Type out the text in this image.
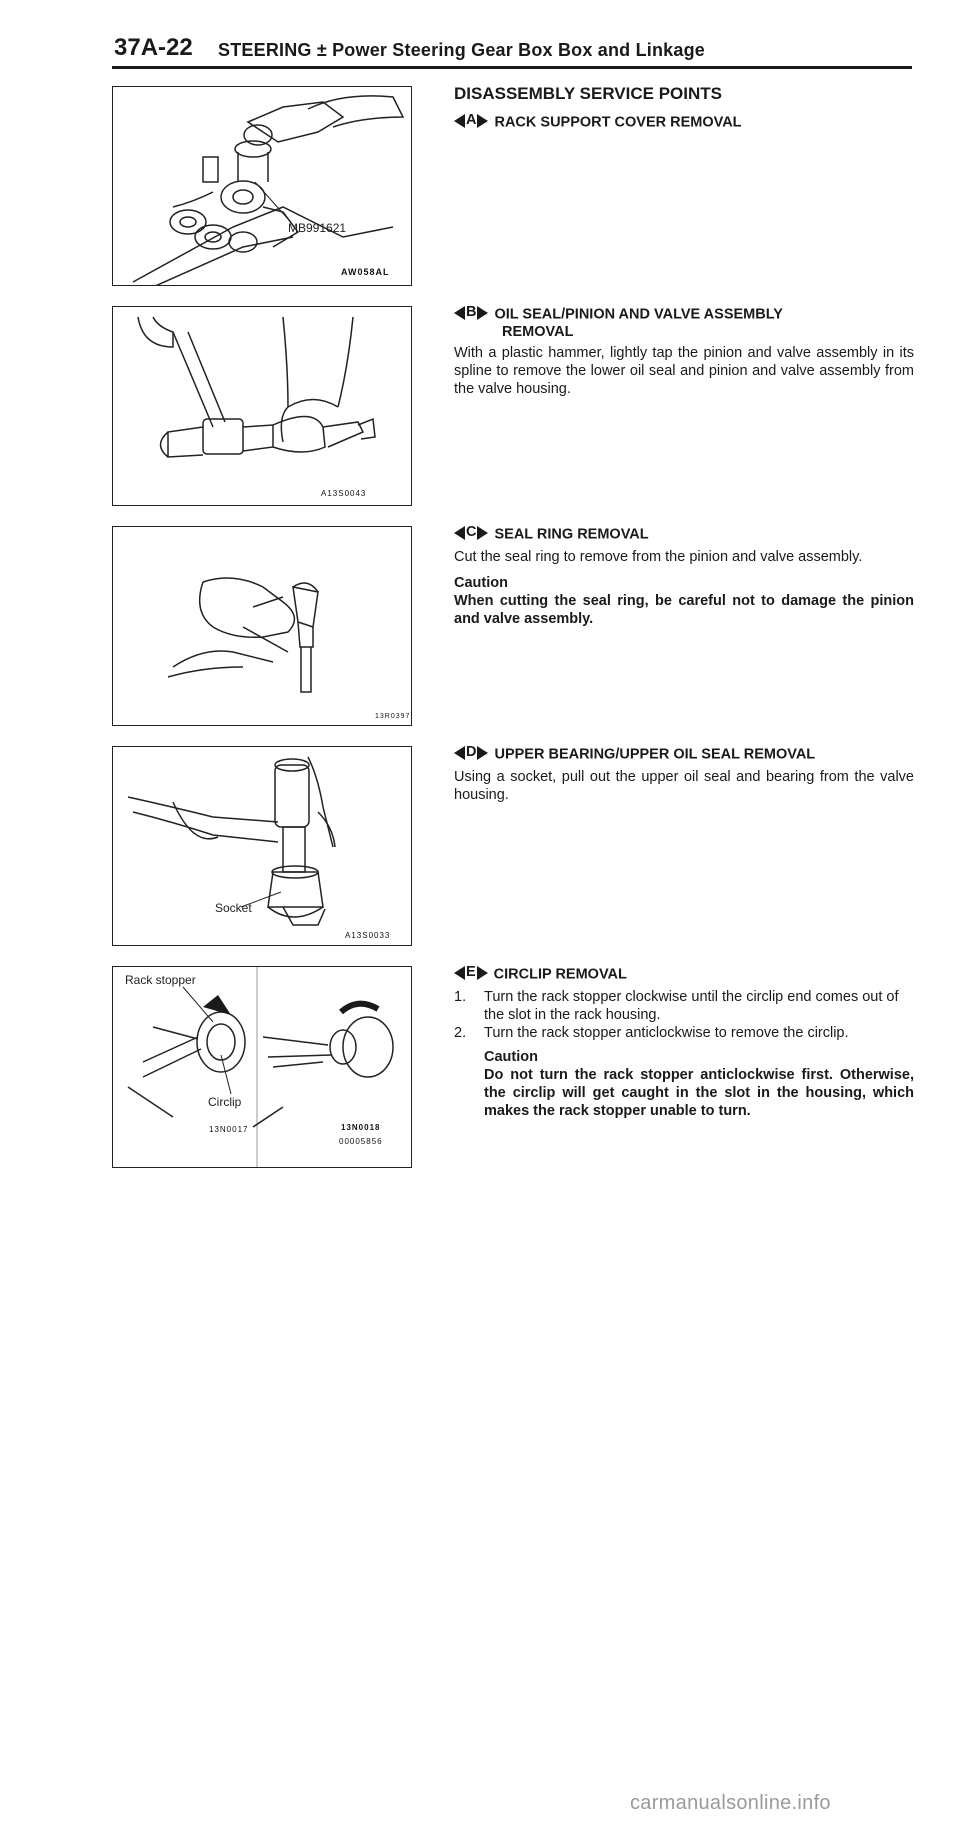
37A-22 STEERING ± Power Steering Gear Box Box and Linkage
MB991621
AW058AL
A13S0043
13R0397
Socket
A13S0033
Rack stopper
Circlip
13N0017	13N0018
00005856
DISASSEMBLY SERVICE POINTS
A RACK SUPPORT COVER REMOVAL
B OIL SEAL/PINION AND VALVE ASSEMBLY
REMOVAL
With a plastic hammer, lightly tap the pinion and valve assembly in its spline to remove the lower oil seal and pinion and valve assembly from the valve housing.
C SEAL RING REMOVAL
Cut the seal ring to remove from the pinion and valve assembly.
Caution
When cutting the seal ring, be careful not to damage the pinion and valve assembly.
D UPPER BEARING/UPPER OIL SEAL REMOVAL
Using a socket, pull out the upper oil seal and bearing from the valve housing.
E CIRCLIP REMOVAL
1. Turn the rack stopper clockwise until the circlip end comes out of the slot in the rack housing.
2. Turn the rack stopper anticlockwise to remove the circlip.
Caution
Do not turn the rack stopper anticlockwise first. Otherwise, the circlip will get caught in the slot in the housing, which makes the rack stopper unable to turn.
carmanualsonline.info
